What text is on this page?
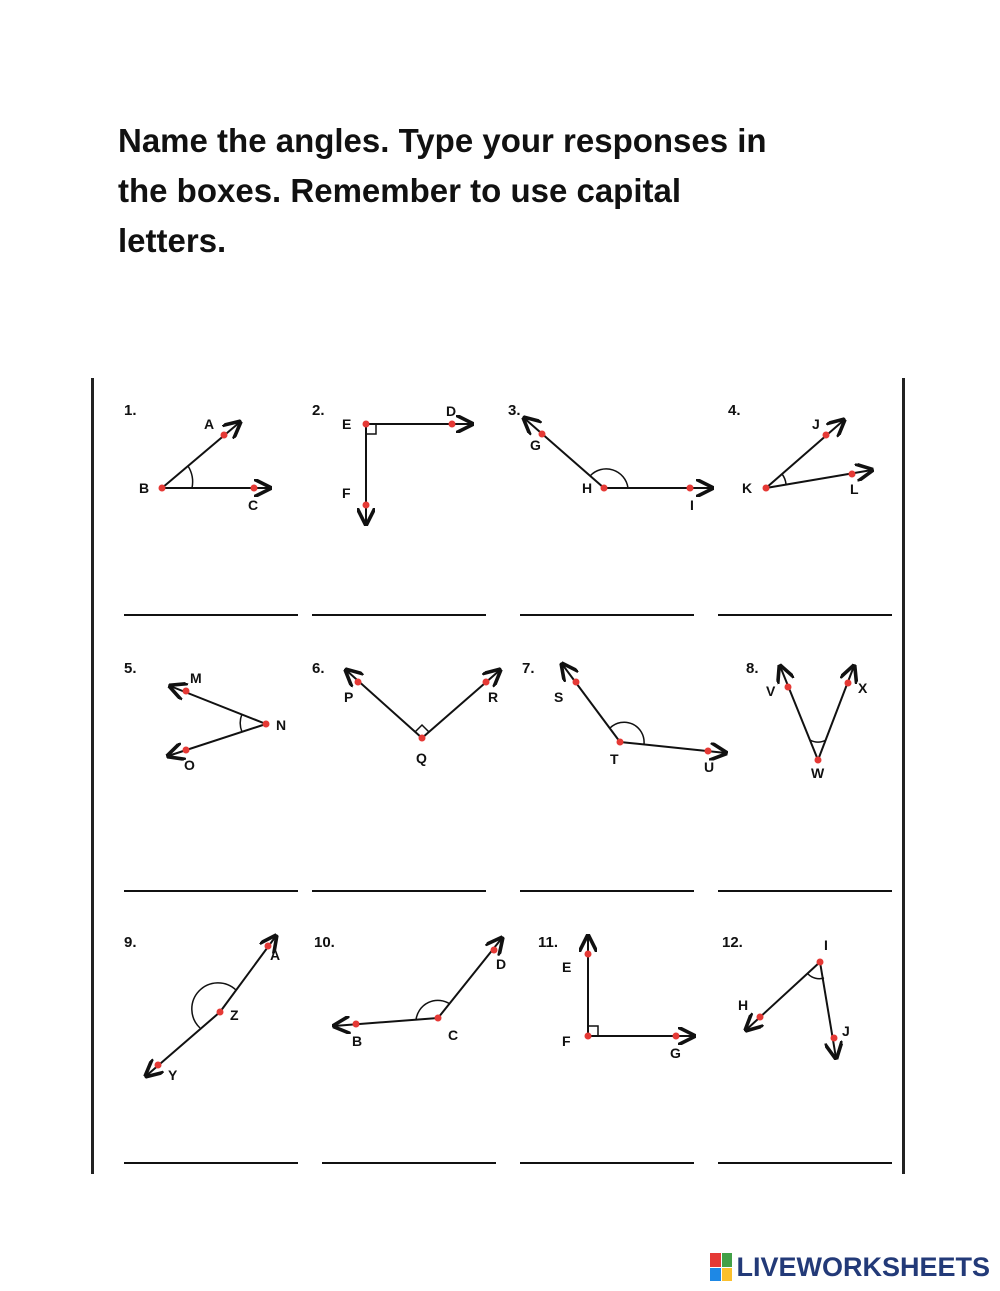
Name the angles. Type your responses in
the boxes. Remember to use capital
letters.

1.
A
B
C
2.
E
D
F
3.
G
H
I
4.
J
K	L
5.
M
N
O
6.
P
Q
R
7.
S
T	U
8.
V
W
X
9.
A
Z
Y
10.
D
C
B
11.
E
F
G
12.	I
H
J
LIVEWORKSHEETS
